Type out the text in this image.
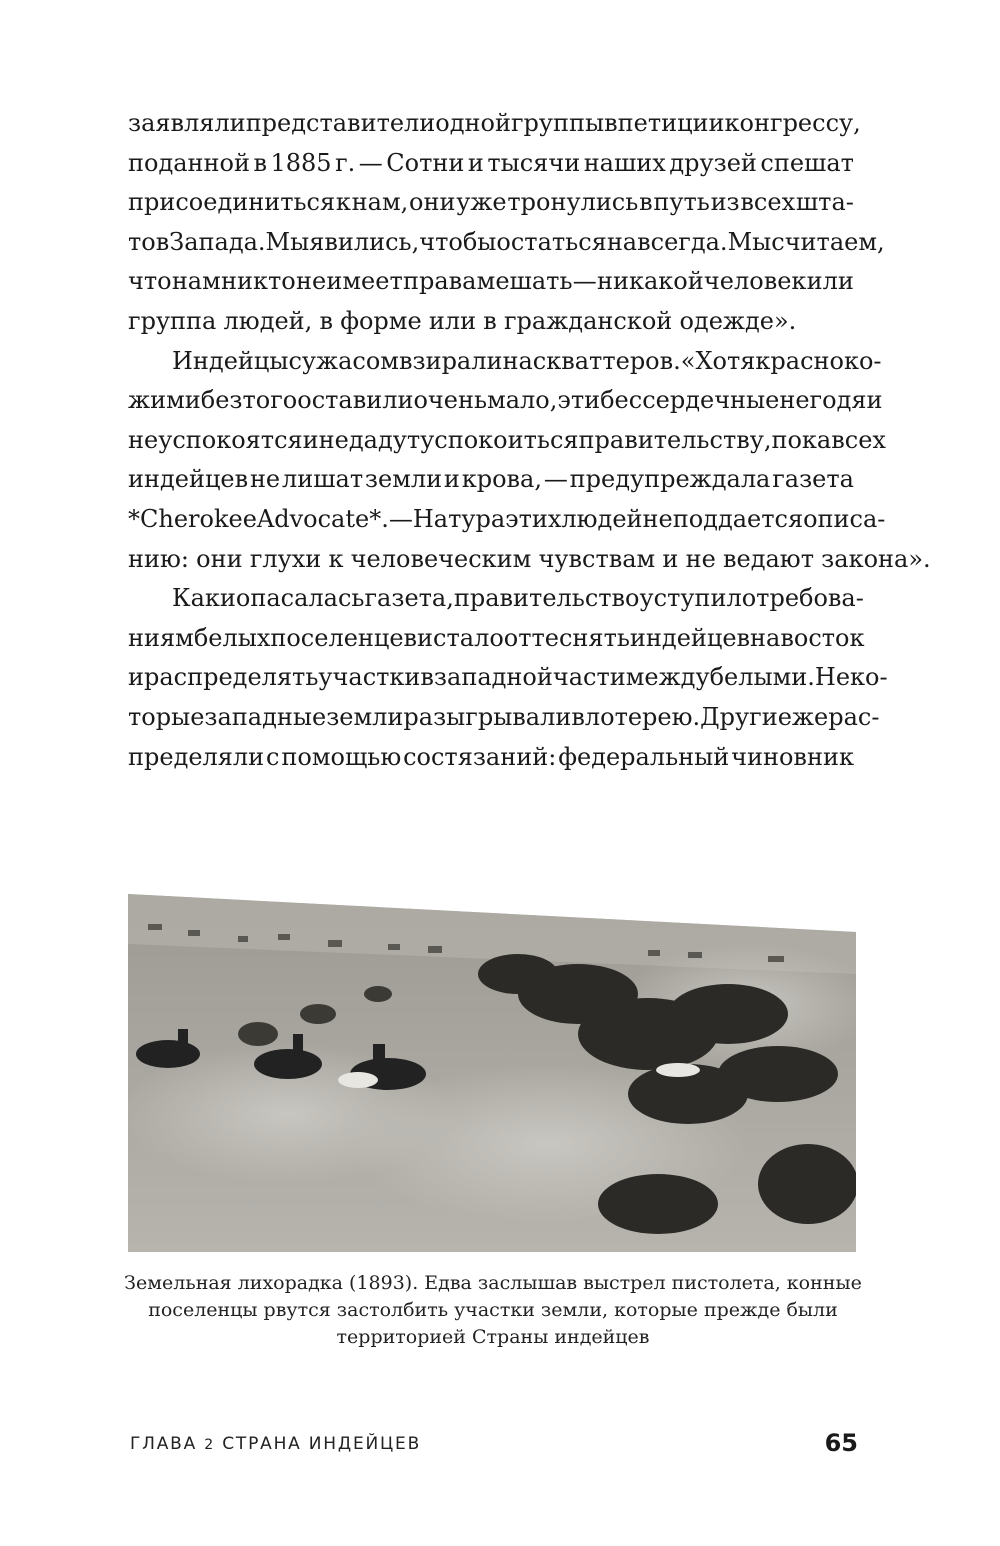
заявляли представители одной группы в петиции конгрессу,
поданной в 1885 г. — Сотни и тысячи наших друзей спешат
присоединиться к нам, они уже тронулись в путь из всех шта-
тов Запада. Мы явились, чтобы остаться навсегда. Мы считаем,
что нам никто не имеет права мешать — никакой человек или
группа людей, в форме или в гражданской одежде».
Индейцы с ужасом взирали на скваттеров. «Хотя красноко-
жим и без того оставили очень мало, эти бессердечные негодяи
не успокоятся и не дадут успокоиться правительству, пока всех
индейцев не лишат земли и крова, — предупреждала газета
*Cherokee Advocate*. — Натура этих людей не поддается описа-
нию: они глухи к человеческим чувствам и не ведают закона».
Как и опасалась газета, правительство уступило требова-
ниям белых поселенцев и стало оттеснять индейцев на восток
и распределять участки в западной части между белыми. Неко-
торые западные земли разыгрывали в лотерею. Другие же рас-
пределяли с помощью состязаний: федеральный чиновник
Земельная лихорадка (1893). Едва заслышав выстрел пистолета, конные
поселенцы рвутся застолбить участки земли, которые прежде были
территорией Страны индейцев
ГЛАВА 2 СТРАНА ИНДЕЙЦЕВ	65
